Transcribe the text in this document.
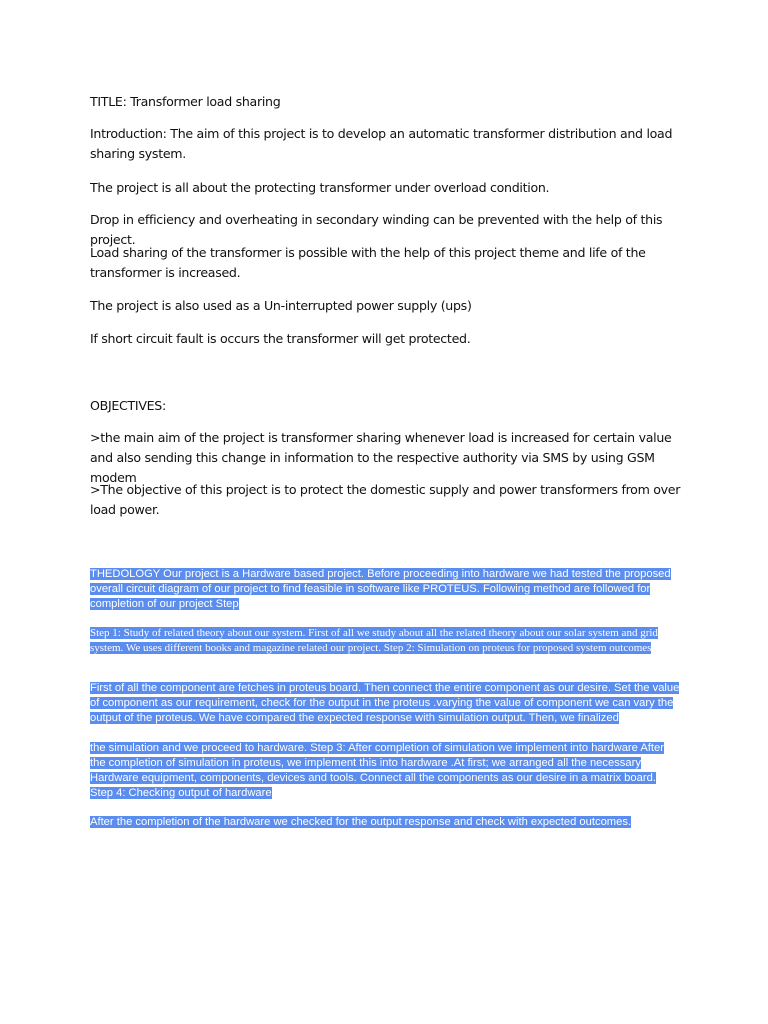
TITLE: Transformer load sharing

Introduction: The aim of this project is to develop an automatic transformer distribution and load sharing system.

The project is all about the protecting transformer under overload condition.

Drop in efficiency and overheating in secondary winding can be prevented with the help of this project.

Load sharing of the transformer is possible with the help of this project theme and life of the transformer is increased.

The project is also used as a Un-interrupted power supply (ups)

If short circuit fault is occurs the transformer will get protected.

OBJECTIVES:

>the main aim of the project is transformer sharing whenever load is increased for certain value and also sending this change in information to the respective authority via SMS by using GSM modem

>The objective of this project is to protect the domestic supply and power transformers from over load power.

THEDOLOGY Our project is a Hardware based project. Before proceeding into hardware we had tested the proposed overall circuit diagram of our project to find feasible in software like PROTEUS. Following method are followed for completion of our project Step
Step 1: Study of related theory about our system. First of all we study about all the related theory about our solar system and grid system. We uses different books and magazine related our project. Step 2: Simulation on proteus for proposed system outcomes
First of all the component are fetches in proteus board. Then connect the entire component as our desire. Set the value of component as our requirement, check for the output in the proteus .varying the value of component we can vary the output of the proteus. We have compared the expected response with simulation output. Then, we finalized
the simulation and we proceed to hardware. Step 3: After completion of simulation we implement into hardware After the completion of simulation in proteus, we implement this into hardware .At first; we arranged all the necessary Hardware equipment, components, devices and tools. Connect all the components as our desire in a matrix board. Step 4: Checking output of hardware
After the completion of the hardware we checked for the output response and check with expected outcomes.
